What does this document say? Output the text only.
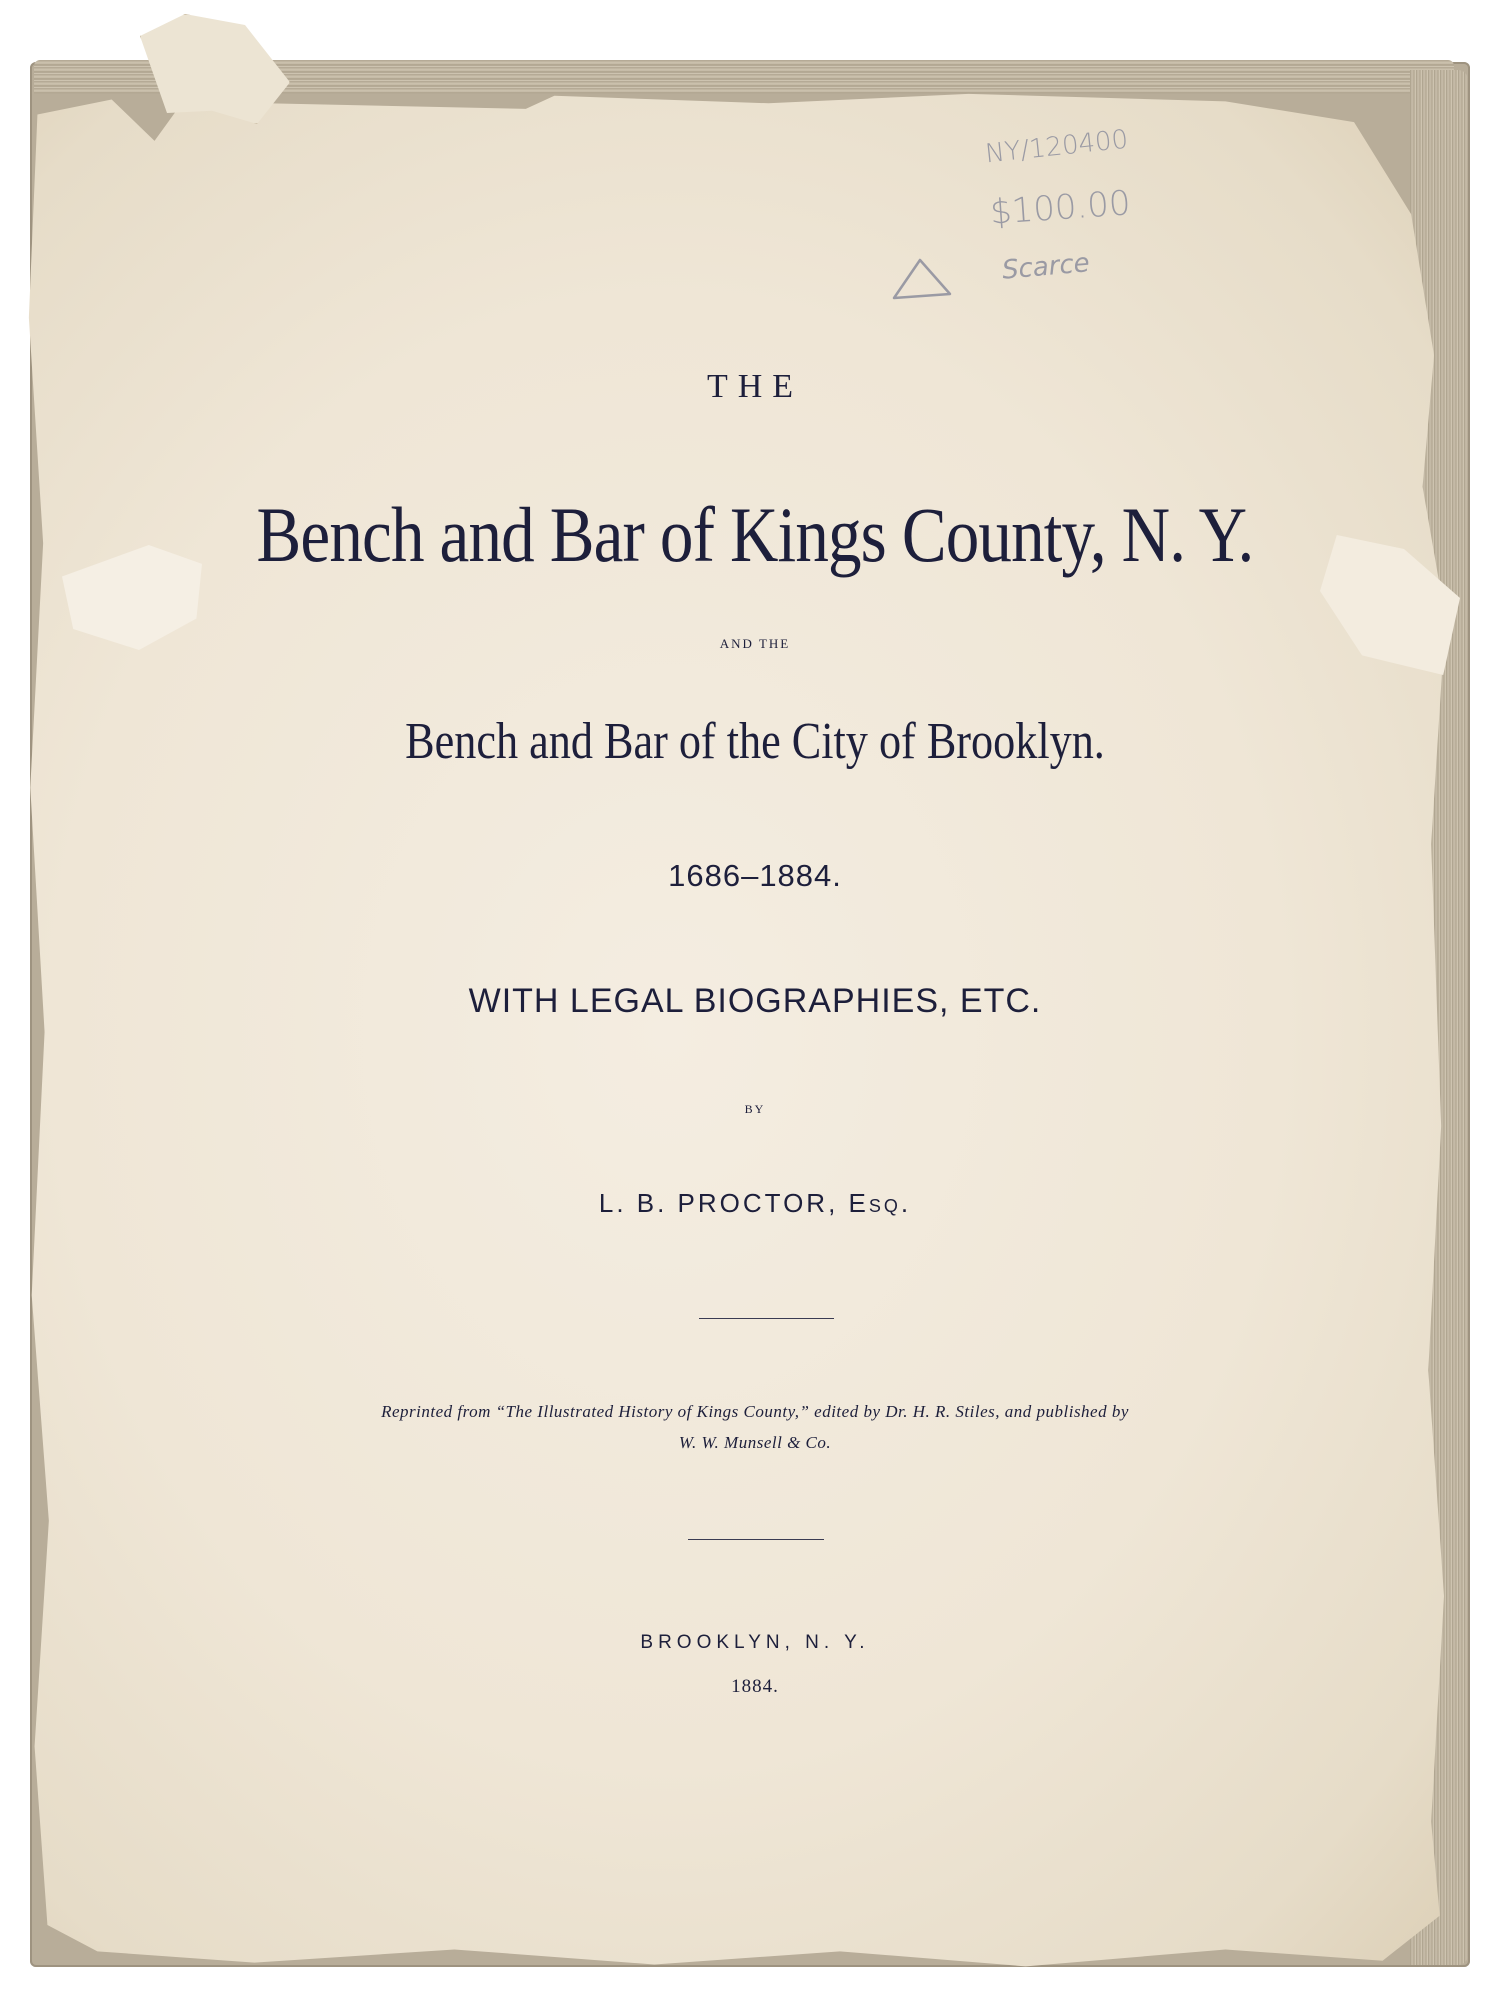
NY/120400
$100.00
Scarce
THE
Bench and Bar of Kings County, N. Y.
AND THE
Bench and Bar of the City of Brooklyn.
1686–1884.
WITH LEGAL BIOGRAPHIES, ETC.
BY
L. B. PROCTOR, Esq.
Reprinted from “The Illustrated History of Kings County,” edited by Dr. H. R. Stiles, and published by
W. W. Munsell & Co.
BROOKLYN, N. Y.
1884.
